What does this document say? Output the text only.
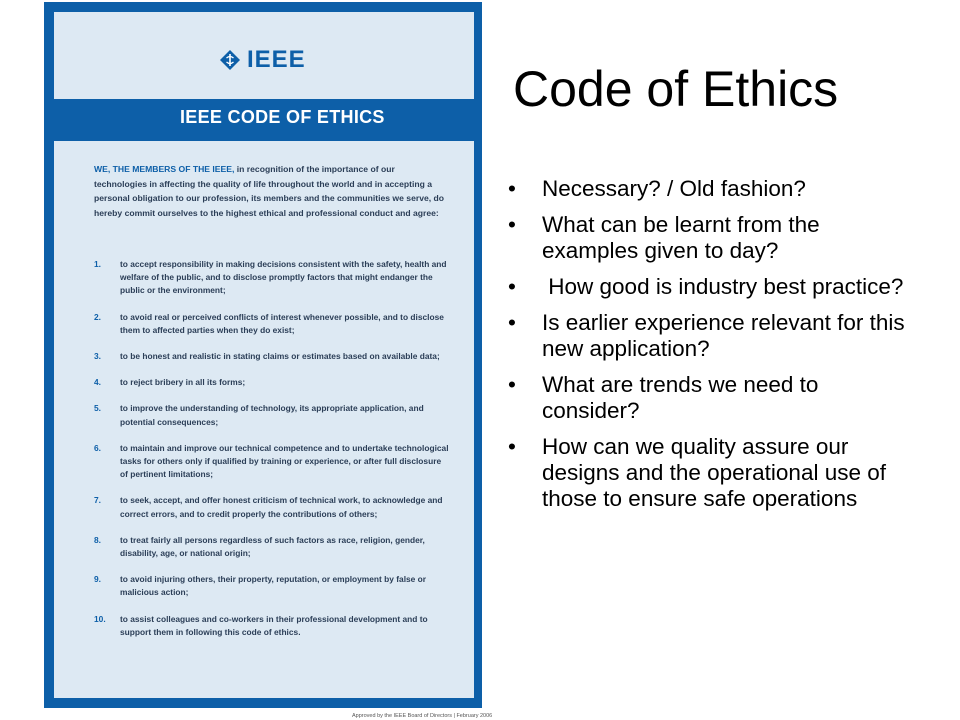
IEEE
IEEE CODE OF ETHICS
WE, THE MEMBERS OF THE IEEE, in recognition of the importance of our technologies in affecting the quality of life throughout the world and in accepting a personal obligation to our profession, its members and the communities we serve, do hereby commit ourselves to the highest ethical and professional conduct and agree:
1. to accept responsibility in making decisions consistent with the safety, health and welfare of the public, and to disclose promptly factors that might endanger the public or the environment;
2. to avoid real or perceived conflicts of interest whenever possible, and to disclose them to affected parties when they do exist;
3. to be honest and realistic in stating claims or estimates based on available data;
4. to reject bribery in all its forms;
5. to improve the understanding of technology, its appropriate application, and potential consequences;
6. to maintain and improve our technical competence and to undertake technological tasks for others only if qualified by training or experience, or after full disclosure of pertinent limitations;
7. to seek, accept, and offer honest criticism of technical work, to acknowledge and correct errors, and to credit properly the contributions of others;
8. to treat fairly all persons regardless of such factors as race, religion, gender, disability, age, or national origin;
9. to avoid injuring others, their property, reputation, or employment by false or malicious action;
10. to assist colleagues and co-workers in their professional development and to support them in following this code of ethics.
Approved by the IEEE Board of Directors | February 2006
Code of Ethics
• Necessary? / Old fashion?
• What can be learnt from the examples given to day?
• How good is industry best practice?
• Is earlier experience relevant for this new application?
• What are trends we need to consider?
• How can we quality assure our designs and the operational use of those to ensure safe operations
